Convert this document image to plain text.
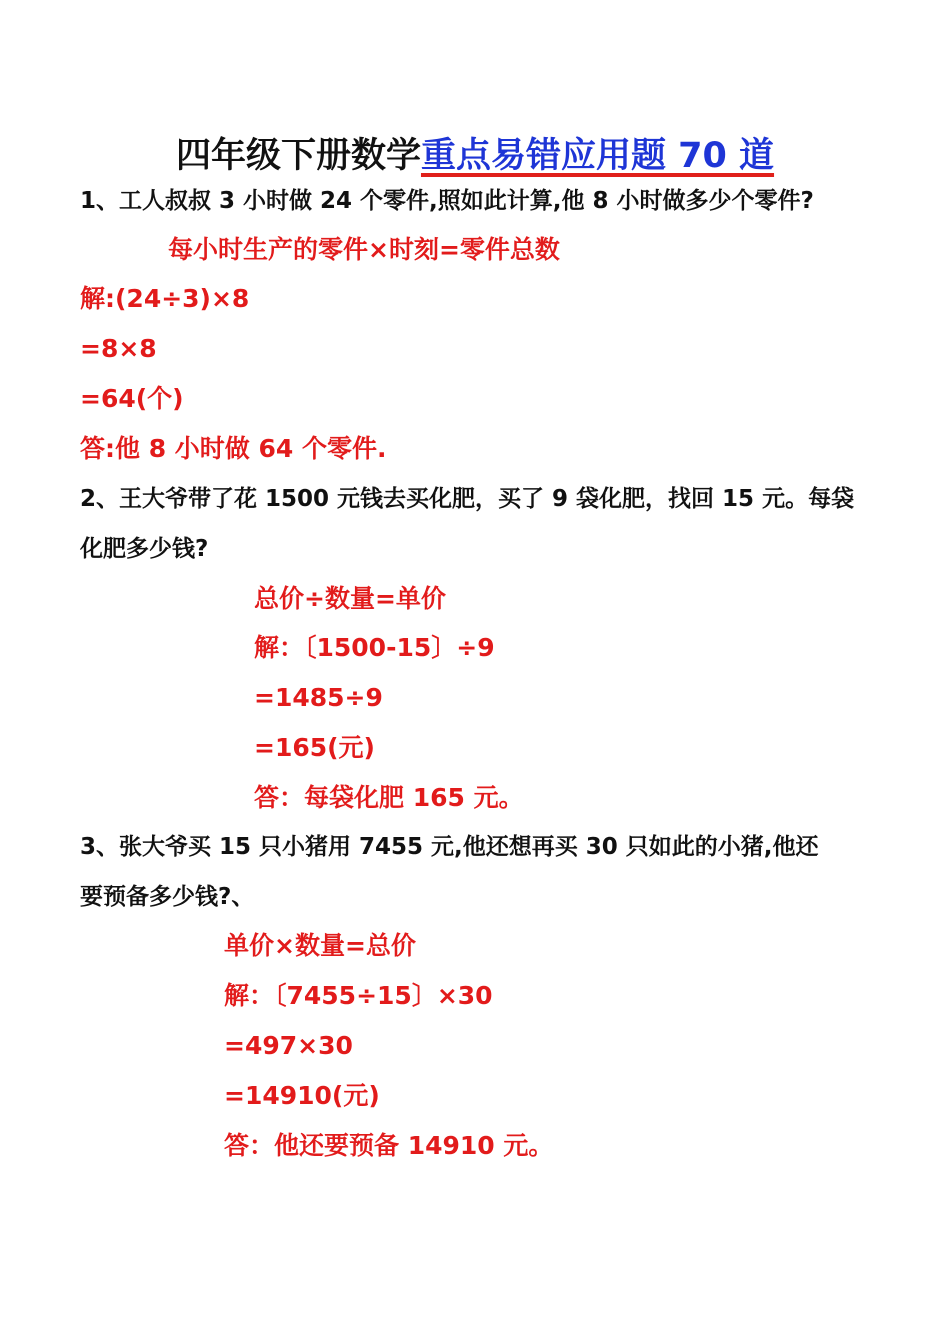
四年级下册数学重点易错应用题 70 道
1、工人叔叔 3 小时做 24 个零件,照如此计算,他 8 小时做多少个零件?
每小时生产的零件×时刻=零件总数
解:(24÷3)×8
=8×8
=64(个)
答:他 8 小时做 64 个零件.
2、王大爷带了花 1500 元钱去买化肥，买了 9 袋化肥，找回 15 元。每袋
化肥多少钱?
总价÷数量=单价
解：〔1500-15〕÷9
=1485÷9
=165(元)
答：每袋化肥 165 元。
3、张大爷买 15 只小猪用 7455 元,他还想再买 30 只如此的小猪,他还
要预备多少钱?、
单价×数量=总价
解：〔7455÷15〕×30
=497×30
=14910(元)
答：他还要预备 14910 元。
